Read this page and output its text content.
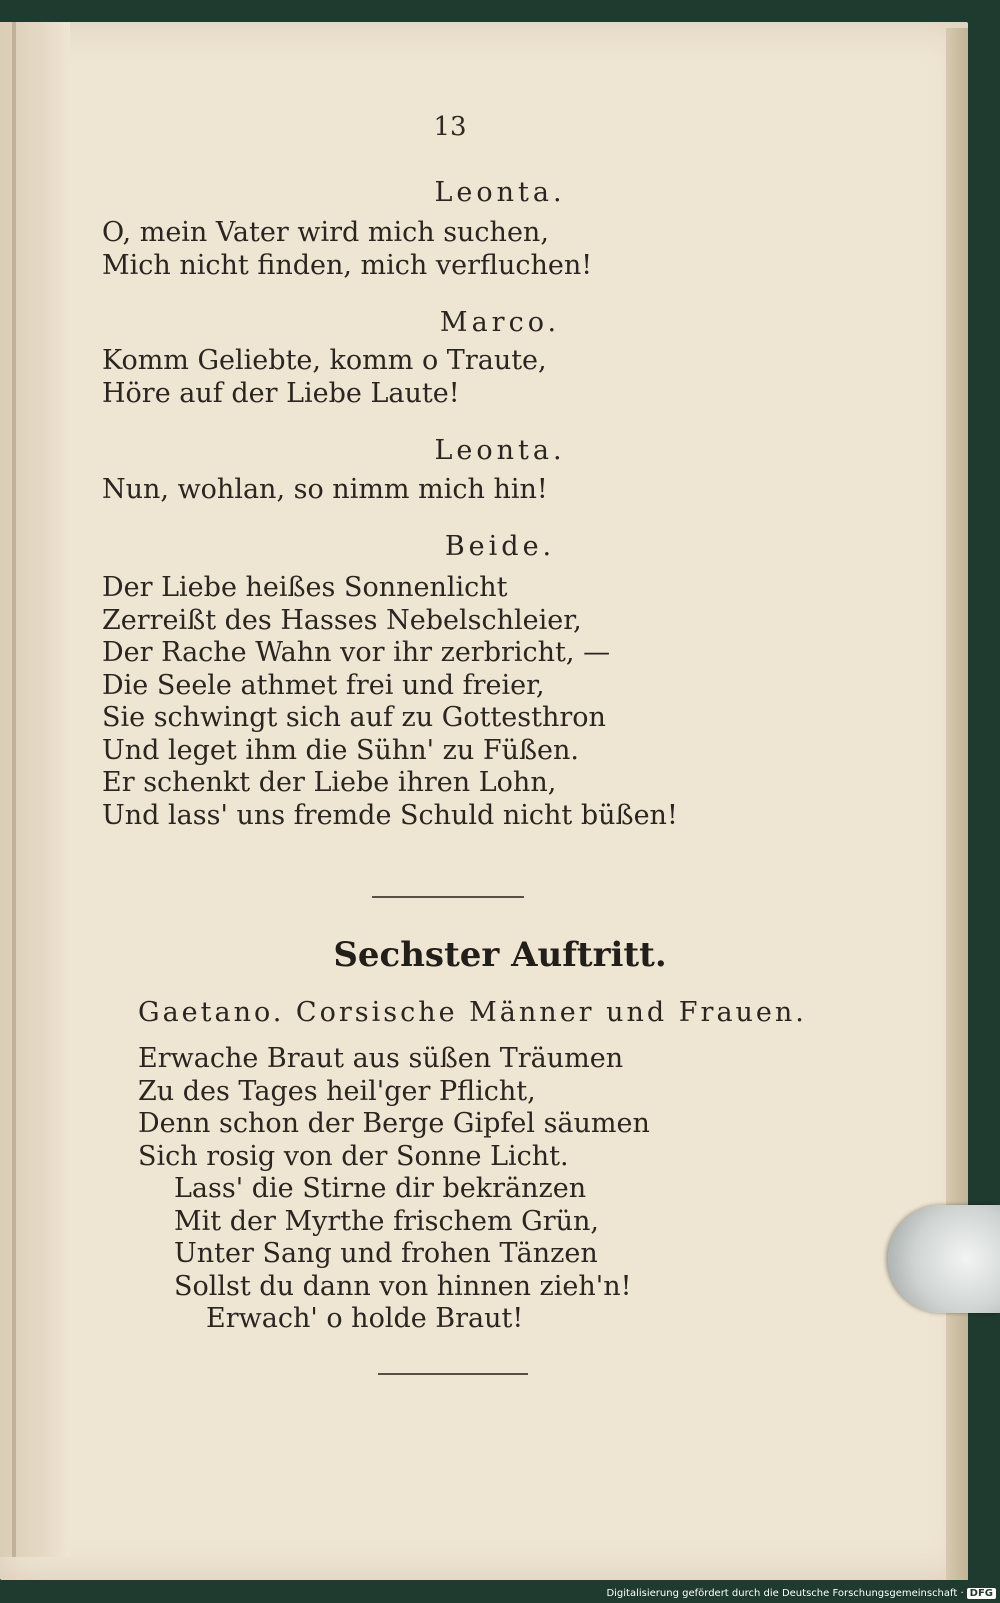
13
Leonta.
O, mein Vater wird mich suchen,
Mich nicht finden, mich verfluchen!
Marco.
Komm Geliebte, komm o Traute,
Höre auf der Liebe Laute!
Leonta.
Nun, wohlan, so nimm mich hin!
Beide.
Der Liebe heißes Sonnenlicht
Zerreißt des Hasses Nebelschleier,
Der Rache Wahn vor ihr zerbricht, —
Die Seele athmet frei und freier,
Sie schwingt sich auf zu Gottesthron
Und leget ihm die Sühn' zu Füßen.
Er schenkt der Liebe ihren Lohn,
Und lass' uns fremde Schuld nicht büßen!
Sechster Auftritt.
Gaetano. Corsische Männer und Frauen.
Erwache Braut aus süßen Träumen
Zu des Tages heil'ger Pflicht,
Denn schon der Berge Gipfel säumen
Sich rosig von der Sonne Licht.
Lass' die Stirne dir bekränzen
Mit der Myrthe frischem Grün,
Unter Sang und frohen Tänzen
Sollst du dann von hinnen zieh'n!
Erwach' o holde Braut!
Digitalisierung gefördert durch die Deutsche Forschungsgemeinschaft · DFG
